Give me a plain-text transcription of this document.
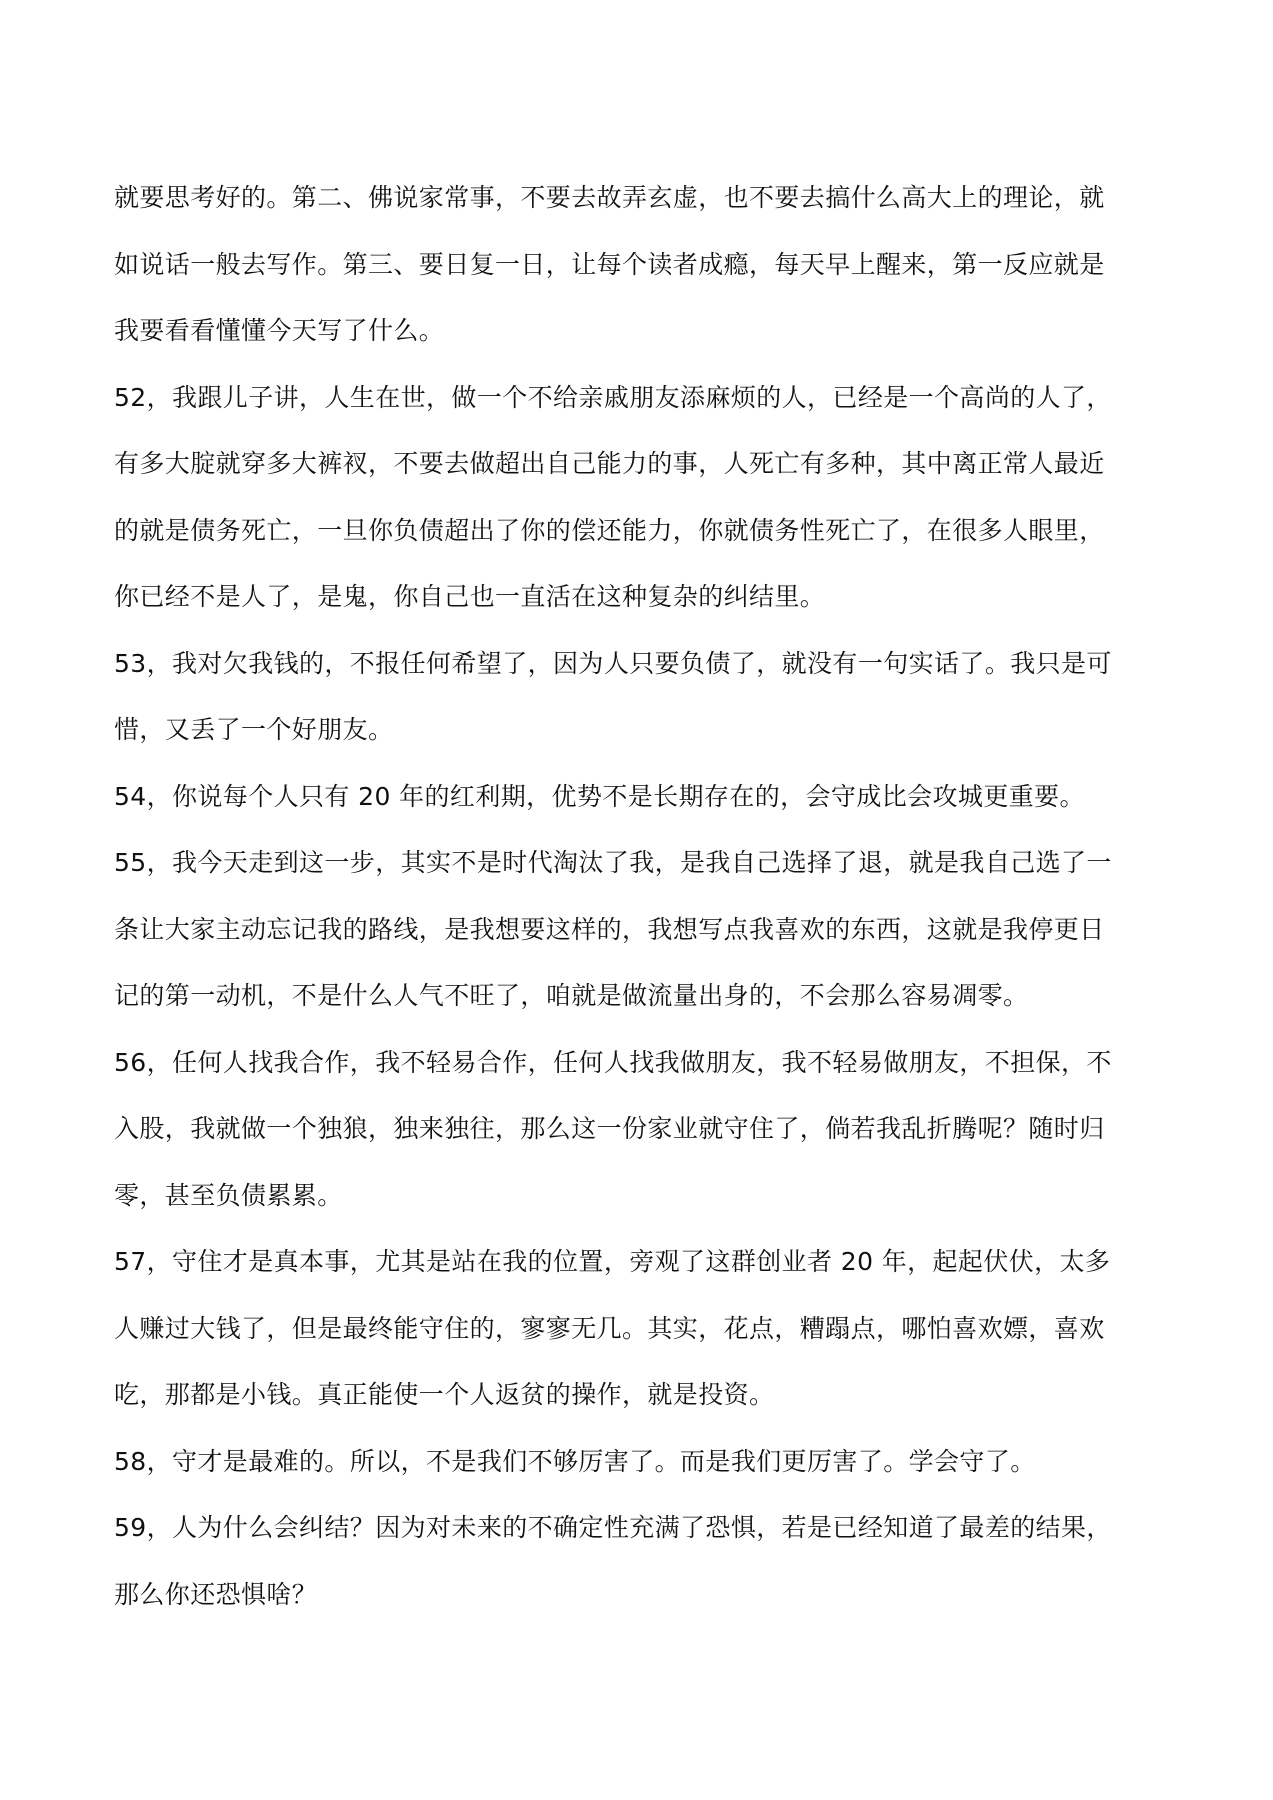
就要思考好的。第二、佛说家常事，不要去故弄玄虚，也不要去搞什么高大上的理论，就
如说话一般去写作。第三、要日复一日，让每个读者成瘾，每天早上醒来，第一反应就是
我要看看懂懂今天写了什么。
52，我跟儿子讲，人生在世，做一个不给亲戚朋友添麻烦的人，已经是一个高尚的人了，
有多大腚就穿多大裤衩，不要去做超出自己能力的事，人死亡有多种，其中离正常人最近
的就是债务死亡，一旦你负债超出了你的偿还能力，你就债务性死亡了，在很多人眼里，
你已经不是人了，是鬼，你自己也一直活在这种复杂的纠结里。
53，我对欠我钱的，不报任何希望了，因为人只要负债了，就没有一句实话了。我只是可
惜，又丢了一个好朋友。
54，你说每个人只有 20 年的红利期，优势不是长期存在的，会守成比会攻城更重要。
55，我今天走到这一步，其实不是时代淘汰了我，是我自己选择了退，就是我自己选了一
条让大家主动忘记我的路线，是我想要这样的，我想写点我喜欢的东西，这就是我停更日
记的第一动机，不是什么人气不旺了，咱就是做流量出身的，不会那么容易凋零。
56，任何人找我合作，我不轻易合作，任何人找我做朋友，我不轻易做朋友，不担保，不
入股，我就做一个独狼，独来独往，那么这一份家业就守住了，倘若我乱折腾呢？随时归
零，甚至负债累累。
57，守住才是真本事，尤其是站在我的位置，旁观了这群创业者 20 年，起起伏伏，太多
人赚过大钱了，但是最终能守住的，寥寥无几。其实，花点，糟蹋点，哪怕喜欢嫖，喜欢
吃，那都是小钱。真正能使一个人返贫的操作，就是投资。
58，守才是最难的。所以，不是我们不够厉害了。而是我们更厉害了。学会守了。
59，人为什么会纠结？因为对未来的不确定性充满了恐惧，若是已经知道了最差的结果，
那么你还恐惧啥？
